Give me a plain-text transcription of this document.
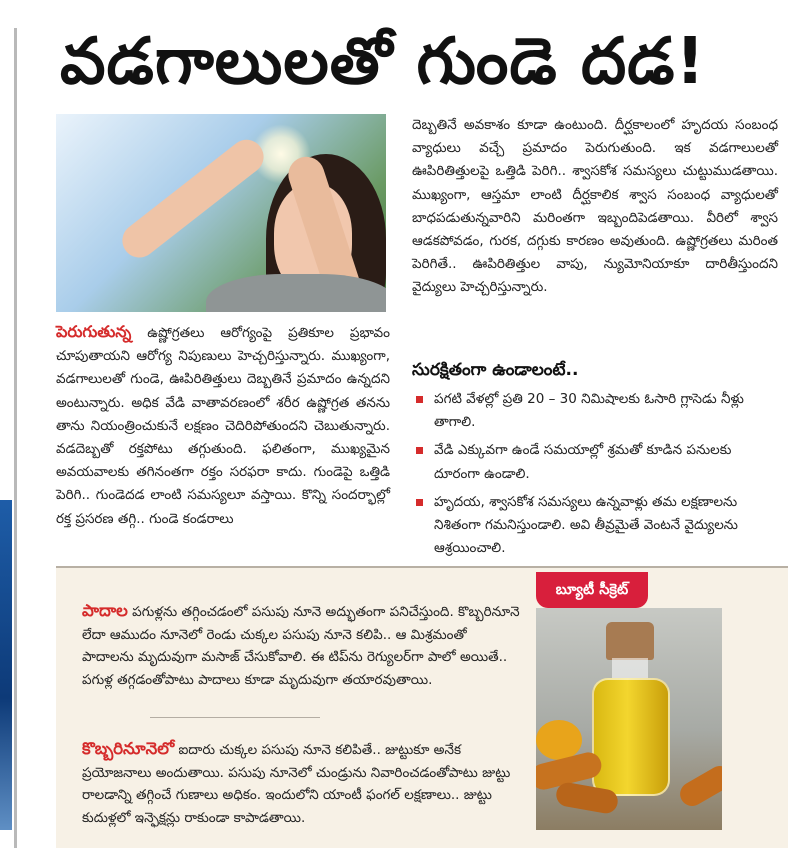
వడగాలులతో గుండె దడ!
పెరుగుతున్న ఉష్ణోగ్రతలు ఆరోగ్యంపై ప్రతికూల ప్రభావం చూపుతాయని ఆరోగ్య నిపుణులు హెచ్చరిస్తున్నారు. ముఖ్యంగా, వడగాలులతో గుండె, ఊపిరితిత్తులు దెబ్బతినే ప్రమాదం ఉన్నదని అంటున్నారు. అధిక వేడి వాతావరణంలో శరీర ఉష్ణోగ్రత తనను తాను నియంత్రించుకునే లక్షణం చెదిరిపోతుందని చెబుతున్నారు. వడదెబ్బతో రక్తపోటు తగ్గుతుంది. ఫలితంగా, ముఖ్యమైన అవయవాలకు తగినంతగా రక్తం సరఫరా కాదు. గుండెపై ఒత్తిడి పెరిగి.. గుండెదడ లాంటి సమస్యలూ వస్తాయి. కొన్ని సందర్భాల్లో రక్త ప్రసరణ తగ్గి.. గుండె కండరాలు
దెబ్బతినే అవకాశం కూడా ఉంటుంది. దీర్ఘకాలంలో హృదయ సంబంధ వ్యాధులు వచ్చే ప్రమాదం పెరుగుతుంది. ఇక వడగాలులతో ఊపిరితిత్తులపై ఒత్తిడి పెరిగి.. శ్వాసకోశ సమస్యలు చుట్టుముడతాయి. ముఖ్యంగా, ఆస్తమా లాంటి దీర్ఘకాలిక శ్వాస సంబంధ వ్యాధులతో బాధపడుతున్నవారిని మరింతగా ఇబ్బందిపెడతాయి. వీరిలో శ్వాస ఆడకపోవడం, గురక, దగ్గుకు కారణం అవుతుంది. ఉష్ణోగ్రతలు మరింత పెరిగితే.. ఊపిరితిత్తుల వాపు, న్యుమోనియాకూ దారితీస్తుందని వైద్యులు హెచ్చరిస్తున్నారు.
సురక్షితంగా ఉండాలంటే..
పగటి వేళల్లో ప్రతి 20 – 30 నిమిషాలకు ఓసారి గ్లాసెడు నీళ్లు తాగాలి.
వేడి ఎక్కువగా ఉండే సమయాల్లో శ్రమతో కూడిన పనులకు దూరంగా ఉండాలి.
హృదయ, శ్వాసకోశ సమస్యలు ఉన్నవాళ్లు తమ లక్షణాలను నిశితంగా గమనిస్తుండాలి. అవి తీవ్రమైతే వెంటనే వైద్యులను ఆశ్రయించాలి.
బ్యూటీ సీక్రెట్
పాదాల పగుళ్లను తగ్గించడంలో పసుపు నూనె అద్భుతంగా పనిచేస్తుంది. కొబ్బరినూనె లేదా ఆముదం నూనెలో రెండు చుక్కల పసుపు నూనె కలిపి.. ఆ మిశ్రమంతో పాదాలను మృదువుగా మసాజ్ చేసుకోవాలి. ఈ టిప్‌ను రెగ్యులర్‌గా పాలో అయితే.. పగుళ్ల తగ్గడంతోపాటు పాదాలు కూడా మృదువుగా తయారవుతాయి.
కొబ్బరినూనెలో ఐదారు చుక్కల పసుపు నూనె కలిపితే.. జుట్టుకూ అనేక ప్రయోజనాలు అందుతాయి. పసుపు నూనెలో చుండ్రును నివారించడంతోపాటు జుట్టు రాలడాన్ని తగ్గించే గుణాలు అధికం. ఇందులోని యాంటీ ఫంగల్ లక్షణాలు.. జుట్టు కుదుళ్లలో ఇన్ఫెక్షన్లు రాకుండా కాపాడతాయి.
